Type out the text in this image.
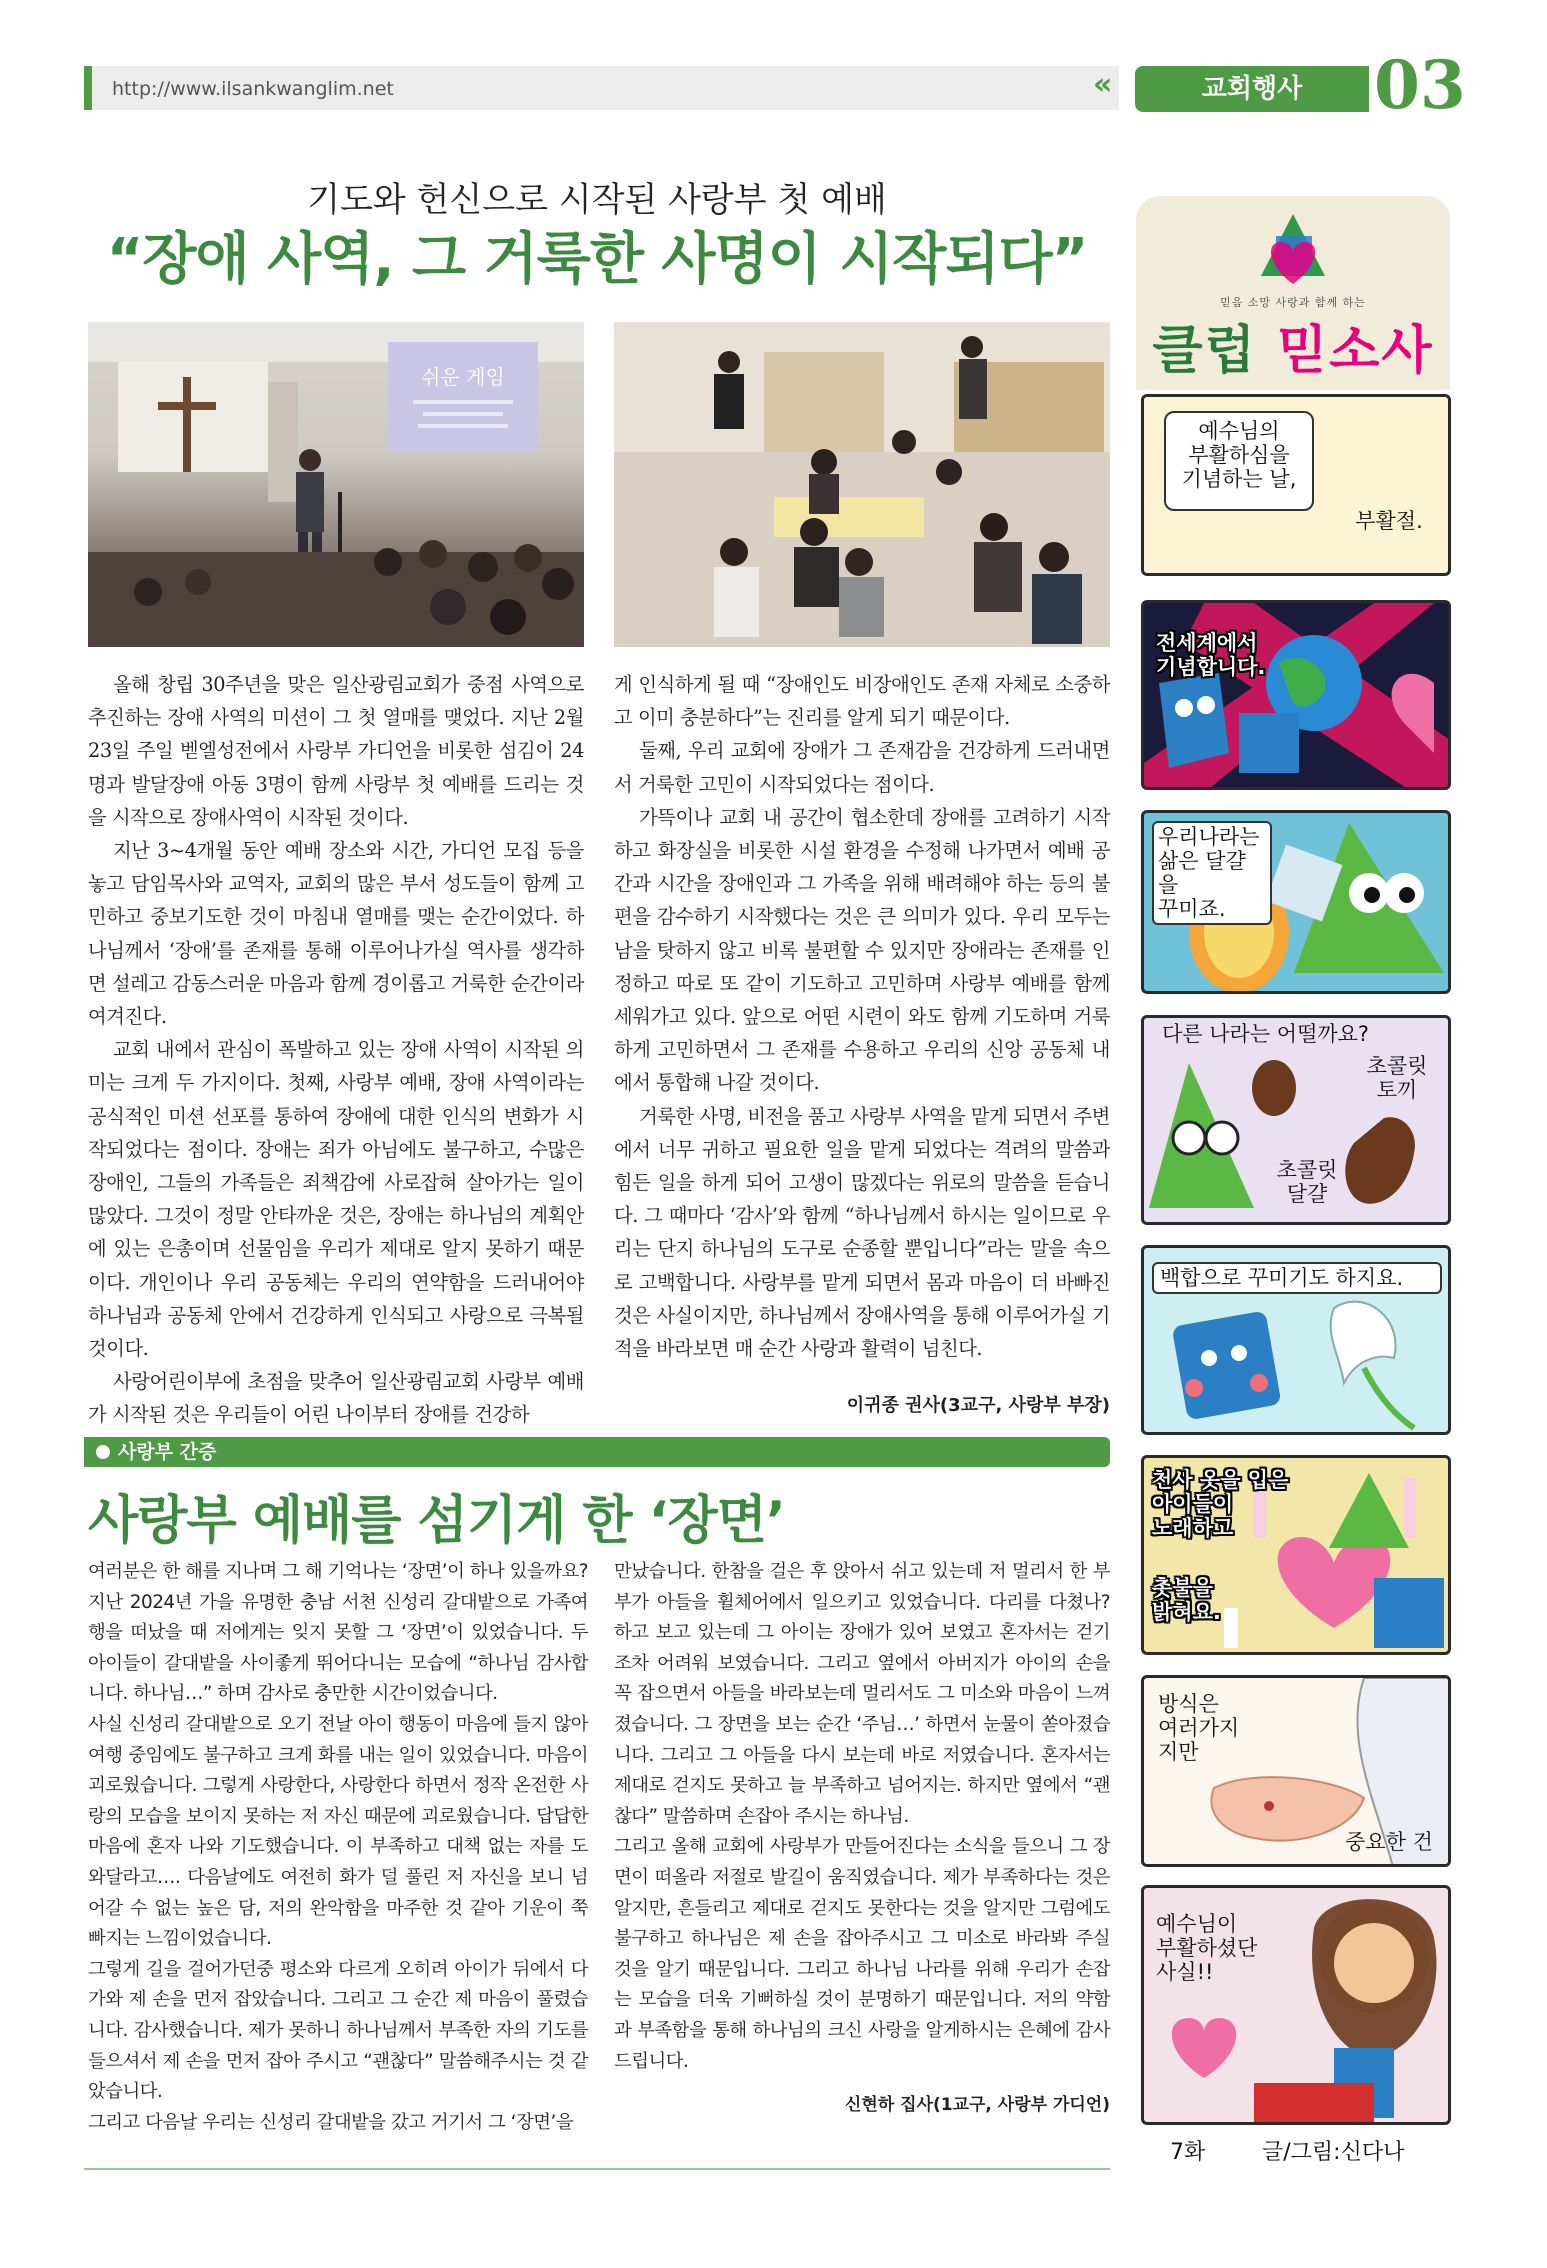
http://www.ilsankwanglim.net	«	교회행사	03
기도와 헌신으로 시작된 사랑부 첫 예배
“장애 사역, 그 거룩한 사명이 시작되다”
쉬운 게임

올해 창립 30주년을 맞은 일산광림교회가 중점 사역으로 추진하는 장애 사역의 미션이 그 첫 열매를 맺었다. 지난 2월 23일 주일 벧엘성전에서 사랑부 가디언을 비롯한 섬김이 24명과 발달장애 아동 3명이 함께 사랑부 첫 예배를 드리는 것을 시작으로 장애사역이 시작된 것이다.

지난 3~4개월 동안 예배 장소와 시간, 가디언 모집 등을 놓고 담임목사와 교역자, 교회의 많은 부서 성도들이 함께 고민하고 중보기도한 것이 마침내 열매를 맺는 순간이었다. 하나님께서 ‘장애’를 존재를 통해 이루어나가실 역사를 생각하면 설레고 감동스러운 마음과 함께 경이롭고 거룩한 순간이라 여겨진다.

교회 내에서 관심이 폭발하고 있는 장애 사역이 시작된 의미는 크게 두 가지이다. 첫째, 사랑부 예배, 장애 사역이라는 공식적인 미션 선포를 통하여 장애에 대한 인식의 변화가 시작되었다는 점이다. 장애는 죄가 아님에도 불구하고, 수많은 장애인, 그들의 가족들은 죄책감에 사로잡혀 살아가는 일이 많았다. 그것이 정말 안타까운 것은, 장애는 하나님의 계획안에 있는 은총이며 선물임을 우리가 제대로 알지 못하기 때문이다. 개인이나 우리 공동체는 우리의 연약함을 드러내어야 하나님과 공동체 안에서 건강하게 인식되고 사랑으로 극복될 것이다.

사랑어린이부에 초점을 맞추어 일산광림교회 사랑부 예배가 시작된 것은 우리들이 어린 나이부터 장애를 건강하

게 인식하게 될 때 “장애인도 비장애인도 존재 자체로 소중하고 이미 충분하다”는 진리를 알게 되기 때문이다.

둘째, 우리 교회에 장애가 그 존재감을 건강하게 드러내면서 거룩한 고민이 시작되었다는 점이다.

가뜩이나 교회 내 공간이 협소한데 장애를 고려하기 시작하고 화장실을 비롯한 시설 환경을 수정해 나가면서 예배 공간과 시간을 장애인과 그 가족을 위해 배려해야 하는 등의 불편을 감수하기 시작했다는 것은 큰 의미가 있다. 우리 모두는 남을 탓하지 않고 비록 불편할 수 있지만 장애라는 존재를 인정하고 따로 또 같이 기도하고 고민하며 사랑부 예배를 함께 세워가고 있다. 앞으로 어떤 시련이 와도 함께 기도하며 거룩하게 고민하면서 그 존재를 수용하고 우리의 신앙 공동체 내에서 통합해 나갈 것이다.

거룩한 사명, 비전을 품고 사랑부 사역을 맡게 되면서 주변에서 너무 귀하고 필요한 일을 맡게 되었다는 격려의 말씀과 힘든 일을 하게 되어 고생이 많겠다는 위로의 말씀을 듣습니다. 그 때마다 ‘감사’와 함께 “하나님께서 하시는 일이므로 우리는 단지 하나님의 도구로 순종할 뿐입니다”라는 말을 속으로 고백합니다. 사랑부를 맡게 되면서 몸과 마음이 더 바빠진 것은 사실이지만, 하나님께서 장애사역을 통해 이루어가실 기적을 바라보면 매 순간 사랑과 활력이 넘친다.

이귀종 권사(3교구, 사랑부 부장)
사랑부 간증
사랑부 예배를 섬기게 한 ‘장면’

여러분은 한 해를 지나며 그 해 기억나는 ‘장면’이 하나 있을까요? 지난 2024년 가을 유명한 충남 서천 신성리 갈대밭으로 가족여행을 떠났을 때 저에게는 잊지 못할 그 ‘장면’이 있었습니다. 두 아이들이 갈대밭을 사이좋게 뛰어다니는 모습에 “하나님 감사합니다. 하나님…” 하며 감사로 충만한 시간이었습니다.

사실 신성리 갈대밭으로 오기 전날 아이 행동이 마음에 들지 않아 여행 중임에도 불구하고 크게 화를 내는 일이 있었습니다. 마음이 괴로웠습니다. 그렇게 사랑한다, 사랑한다 하면서 정작 온전한 사랑의 모습을 보이지 못하는 저 자신 때문에 괴로웠습니다. 답답한 마음에 혼자 나와 기도했습니다. 이 부족하고 대책 없는 자를 도와달라고…. 다음날에도 여전히 화가 덜 풀린 저 자신을 보니 넘어갈 수 없는 높은 담, 저의 완악함을 마주한 것 같아 기운이 쭉 빠지는 느낌이었습니다.

그렇게 길을 걸어가던중 평소와 다르게 오히려 아이가 뒤에서 다가와 제 손을 먼저 잡았습니다. 그리고 그 순간 제 마음이 풀렸습니다. 감사했습니다. 제가 못하니 하나님께서 부족한 자의 기도를 들으셔서 제 손을 먼저 잡아 주시고 “괜찮다” 말씀해주시는 것 같았습니다.

그리고 다음날 우리는 신성리 갈대밭을 갔고 거기서 그 ‘장면’을

만났습니다. 한참을 걸은 후 앉아서 쉬고 있는데 저 멀리서 한 부부가 아들을 휠체어에서 일으키고 있었습니다. 다리를 다쳤나? 하고 보고 있는데 그 아이는 장애가 있어 보였고 혼자서는 걷기조차 어려워 보였습니다. 그리고 옆에서 아버지가 아이의 손을 꼭 잡으면서 아들을 바라보는데 멀리서도 그 미소와 마음이 느껴졌습니다. 그 장면을 보는 순간 ‘주님…’ 하면서 눈물이 쏟아졌습니다. 그리고 그 아들을 다시 보는데 바로 저였습니다. 혼자서는 제대로 걷지도 못하고 늘 부족하고 넘어지는. 하지만 옆에서 “괜찮다” 말씀하며 손잡아 주시는 하나님.

그리고 올해 교회에 사랑부가 만들어진다는 소식을 들으니 그 장면이 떠올라 저절로 발길이 움직였습니다. 제가 부족하다는 것은 알지만, 흔들리고 제대로 걷지도 못한다는 것을 알지만 그럼에도 불구하고 하나님은 제 손을 잡아주시고 그 미소로 바라봐 주실 것을 알기 때문입니다. 그리고 하나님 나라를 위해 우리가 손잡는 모습을 더욱 기뻐하실 것이 분명하기 때문입니다. 저의 약함과 부족함을 통해 하나님의 크신 사랑을 알게하시는 은혜에 감사드립니다.

신현하 집사(1교구, 사랑부 가디언)
믿음 소망 사랑과 함께 하는
클럽 믿소사
예수님의
부활하심을
기념하는 날,
부활절.
전세계에서
기념합니다.
우리나라는
삶은 달걀을
꾸미죠.
다른 나라는 어떨까요?
초콜릿
토끼
초콜릿
달걀
백합으로 꾸미기도 하지요.
천사 옷을 입은
아이들이
노래하고
촛불을
밝혀요.
방식은
여러가지
지만
중요한 건
예수님이
부활하셨단
사실!!
7화	글/그림:신다나
